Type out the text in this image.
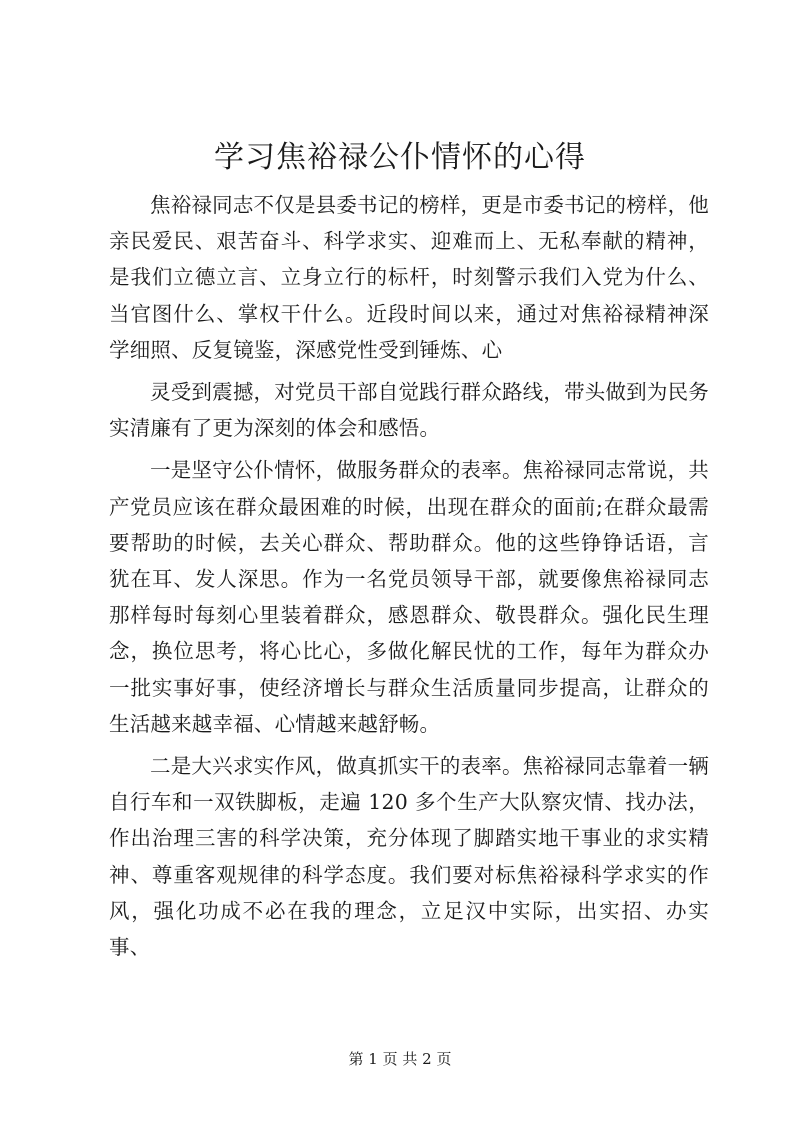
学习焦裕禄公仆情怀的心得

焦裕禄同志不仅是县委书记的榜样，更是市委书记的榜样，他亲民爱民、艰苦奋斗、科学求实、迎难而上、无私奉献的精神，是我们立德立言、立身立行的标杆，时刻警示我们入党为什么、当官图什么、掌权干什么。近段时间以来，通过对焦裕禄精神深学细照、反复镜鉴，深感党性受到锤炼、心

灵受到震撼，对党员干部自觉践行群众路线，带头做到为民务实清廉有了更为深刻的体会和感悟。

一是坚守公仆情怀，做服务群众的表率。焦裕禄同志常说，共产党员应该在群众最困难的时候，出现在群众的面前;在群众最需要帮助的时候，去关心群众、帮助群众。他的这些铮铮话语，言犹在耳、发人深思。作为一名党员领导干部，就要像焦裕禄同志那样每时每刻心里装着群众，感恩群众、敬畏群众。强化民生理念，换位思考，将心比心，多做化解民忧的工作，每年为群众办一批实事好事，使经济增长与群众生活质量同步提高，让群众的生活越来越幸福、心情越来越舒畅。

二是大兴求实作风，做真抓实干的表率。焦裕禄同志靠着一辆自行车和一双铁脚板，走遍 120 多个生产大队察灾情、找办法，作出治理三害的科学决策，充分体现了脚踏实地干事业的求实精神、尊重客观规律的科学态度。我们要对标焦裕禄科学求实的作风，强化功成不必在我的理念，立足汉中实际，出实招、办实事、

第 1 页 共 2 页
